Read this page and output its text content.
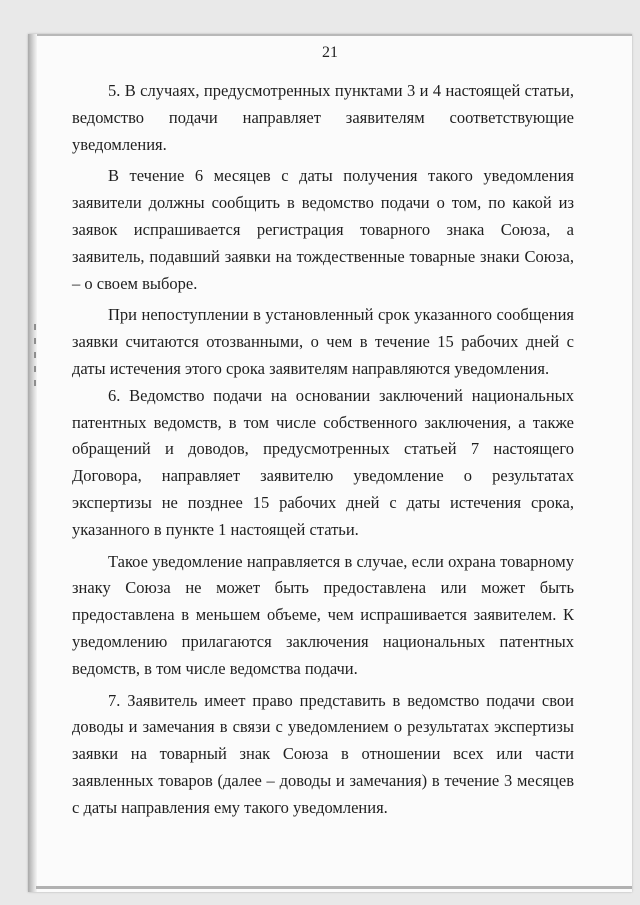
21

5. В случаях, предусмотренных пунктами 3 и 4 настоящей статьи, ведомство подачи направляет заявителям соответствующие уведомления.

В течение 6 месяцев с даты получения такого уведомления заявители должны сообщить в ведомство подачи о том, по какой из заявок испрашивается регистрация товарного знака Союза, а заявитель, подавший заявки на тождественные товарные знаки Союза, – о своем выборе.

При непоступлении в установленный срок указанного сообщения заявки считаются отозванными, о чем в течение 15 рабочих дней с даты истечения этого срока заявителям направляются уведомления.

6. Ведомство подачи на основании заключений национальных патентных ведомств, в том числе собственного заключения, а также обращений и доводов, предусмотренных статьей 7 настоящего Договора, направляет заявителю уведомление о результатах экспертизы не позднее 15 рабочих дней с даты истечения срока, указанного в пункте 1 настоящей статьи.

Такое уведомление направляется в случае, если охрана товарному знаку Союза не может быть предоставлена или может быть предоставлена в меньшем объеме, чем испрашивается заявителем. К уведомлению прилагаются заключения национальных патентных ведомств, в том числе ведомства подачи.

7. Заявитель имеет право представить в ведомство подачи свои доводы и замечания в связи с уведомлением о результатах экспертизы заявки на товарный знак Союза в отношении всех или части заявленных товаров (далее – доводы и замечания) в течение 3 месяцев с даты направления ему такого уведомления.
